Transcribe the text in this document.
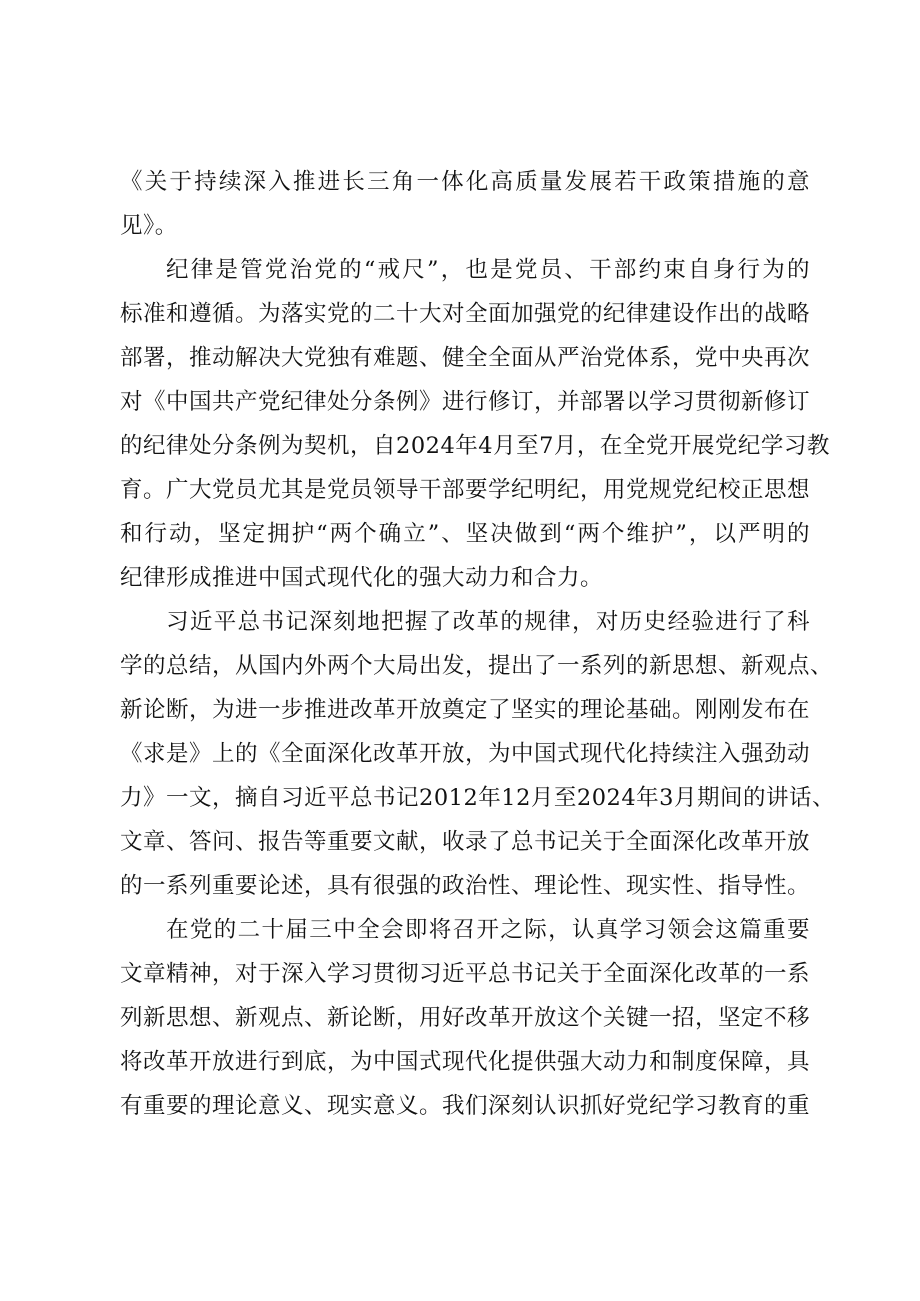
《关于持续深入推进长三角一体化高质量发展若干政策措施的意
见》。
纪律是管党治党的“戒尺”，也是党员、干部约束自身行为的
标准和遵循。为落实党的二十大对全面加强党的纪律建设作出的战略
部署，推动解决大党独有难题、健全全面从严治党体系，党中央再次
对《中国共产党纪律处分条例》进行修订，并部署以学习贯彻新修订
的纪律处分条例为契机，自2024年4月至7月，在全党开展党纪学习教
育。广大党员尤其是党员领导干部要学纪明纪，用党规党纪校正思想
和行动，坚定拥护“两个确立”、坚决做到“两个维护”，以严明的
纪律形成推进中国式现代化的强大动力和合力。
习近平总书记深刻地把握了改革的规律，对历史经验进行了科
学的总结，从国内外两个大局出发，提出了一系列的新思想、新观点、
新论断，为进一步推进改革开放奠定了坚实的理论基础。刚刚发布在
《求是》上的《全面深化改革开放，为中国式现代化持续注入强劲动
力》一文，摘自习近平总书记2012年12月至2024年3月期间的讲话、
文章、答问、报告等重要文献，收录了总书记关于全面深化改革开放
的一系列重要论述，具有很强的政治性、理论性、现实性、指导性。
在党的二十届三中全会即将召开之际，认真学习领会这篇重要
文章精神，对于深入学习贯彻习近平总书记关于全面深化改革的一系
列新思想、新观点、新论断，用好改革开放这个关键一招，坚定不移
将改革开放进行到底，为中国式现代化提供强大动力和制度保障，具
有重要的理论意义、现实意义。我们深刻认识抓好党纪学习教育的重
